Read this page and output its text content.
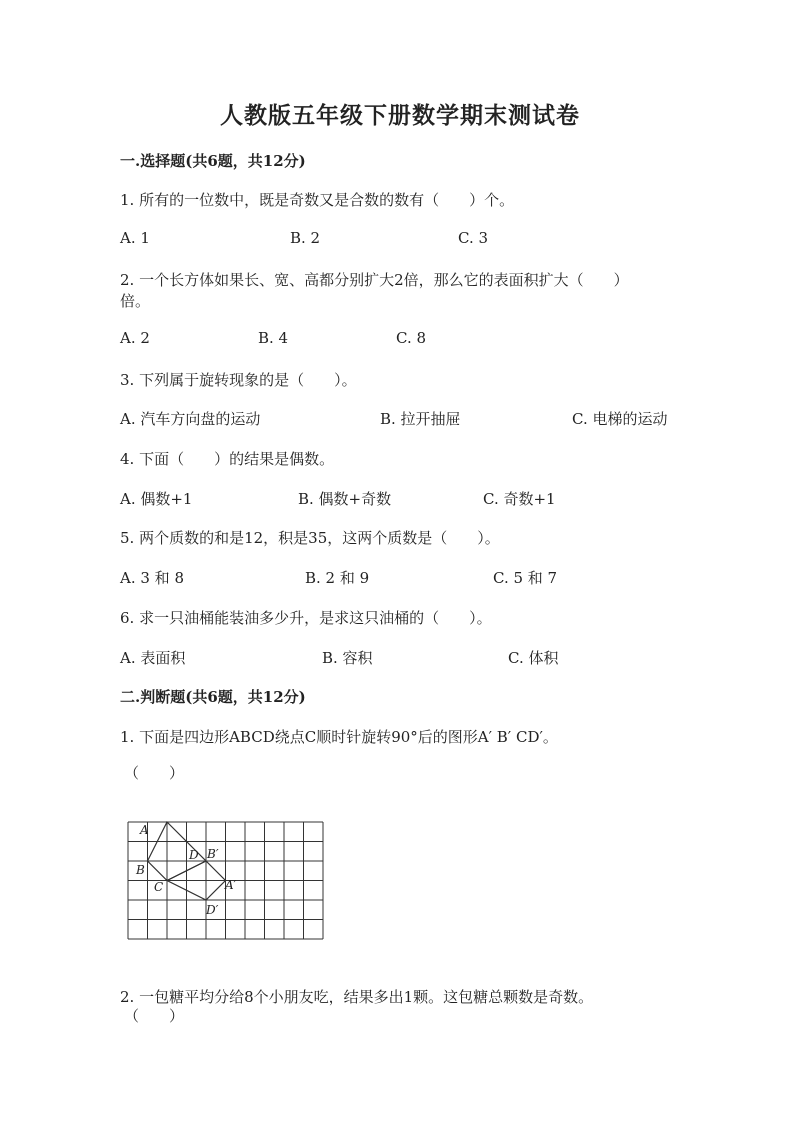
人教版五年级下册数学期末测试卷
一.选择题(共6题，共12分)
1. 所有的一位数中，既是奇数又是合数的数有（　　）个。
A. 1	B. 2	C. 3
2. 一个长方体如果长、宽、高都分别扩大2倍，那么它的表面积扩大（　　）
倍。
A. 2	B. 4	C. 8
3. 下列属于旋转现象的是（　　）。
A. 汽车方向盘的运动	B. 拉开抽屉	C. 电梯的运动
4. 下面（　　）的结果是偶数。
A. 偶数+1	B. 偶数+奇数	C. 奇数+1
5. 两个质数的和是12，积是35，这两个质数是（　　）。
A. 3 和 8	B. 2 和 9	C. 5 和 7
6. 求一只油桶能装油多少升，是求这只油桶的（　　）。
A. 表面积	B. 容积	C. 体积
二.判断题(共6题，共12分)
1. 下面是四边形ABCD绕点C顺时针旋转90°后的图形A′ B′ CD′。
（　　）
A
B
C
D B′
A′
D′
2. 一包糖平均分给8个小朋友吃，结果多出1颗。这包糖总颗数是奇数。
（　　）
